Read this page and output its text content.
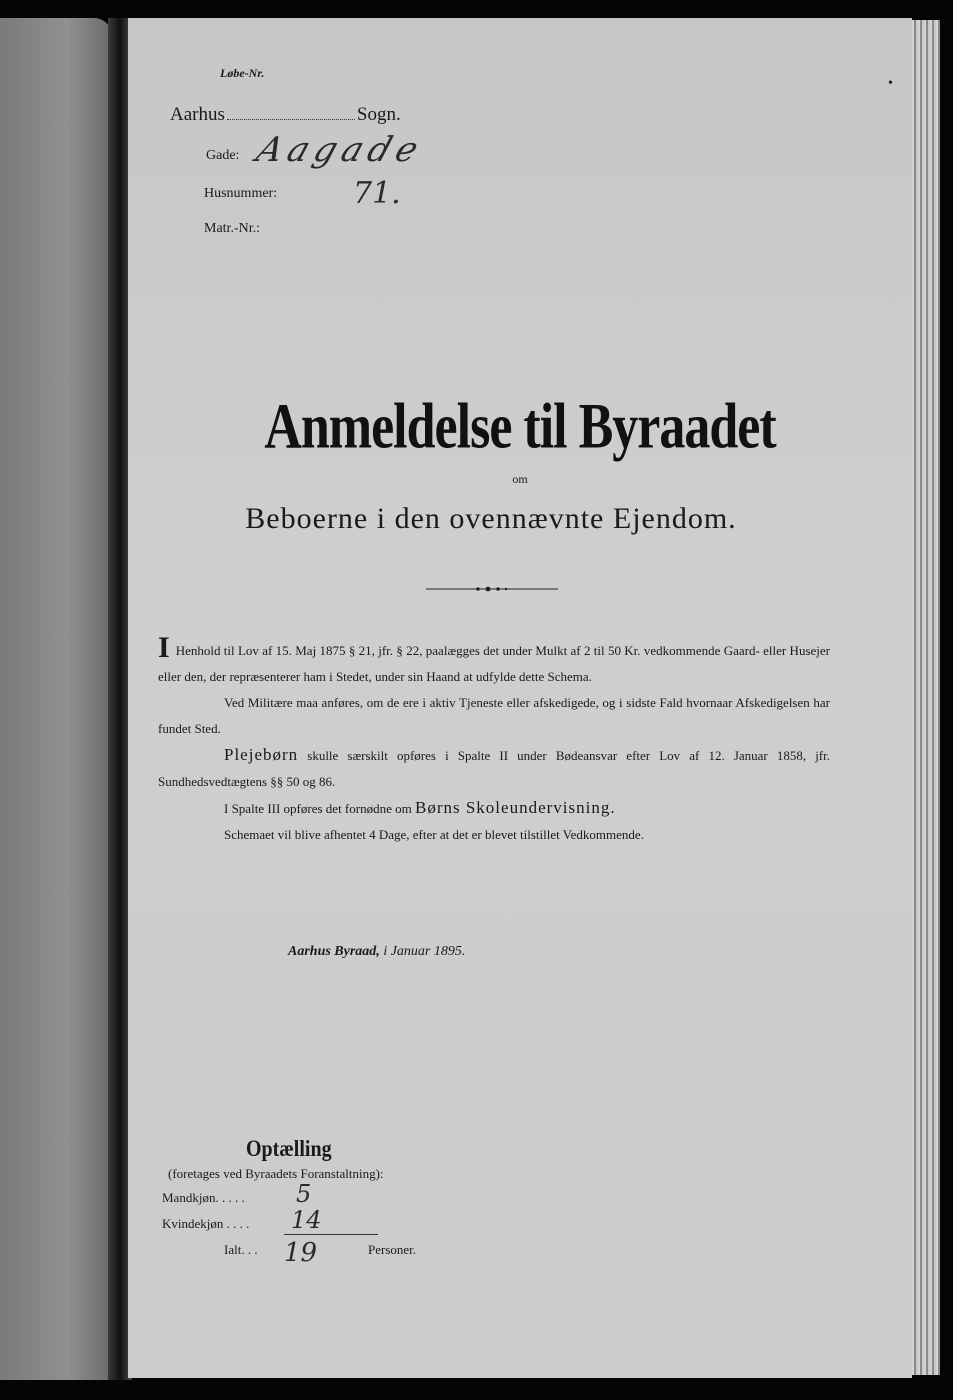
•
Løbe-Nr.
Aarhus	Sogn.
Gade: Aagade
Husnummer:	71.
Matr.-Nr.:
Anmeldelse til Byraadet
om
Beboerne i den ovennævnte Ejendom.

I Henhold til Lov af 15. Maj 1875 § 21, jfr. § 22, paalægges det under Mulkt af 2 til 50 Kr. vedkommende Gaard- eller Husejer eller den, der repræsenterer ham i Stedet, under sin Haand at udfylde dette Schema.

Ved Militære maa anføres, om de ere i aktiv Tjeneste eller afskedigede, og i sidste Fald hvornaar Afskedigelsen har fundet Sted.

Plejebørn skulle særskilt opføres i Spalte II under Bødeansvar efter Lov af 12. Januar 1858, jfr. Sundhedsvedtægtens §§ 50 og 86.

I Spalte III opføres det fornødne om Børns Skoleundervisning.

Schemaet vil blive afhentet 4 Dage, efter at det er blevet tilstillet Vedkommende.

Aarhus Byraad, i Januar 1895.
Optælling
(foretages ved Byraadets Foranstaltning):
Mandkjøn. . . . . 5
Kvindekjøn . . . . 14
Ialt. . . 19	Personer.
